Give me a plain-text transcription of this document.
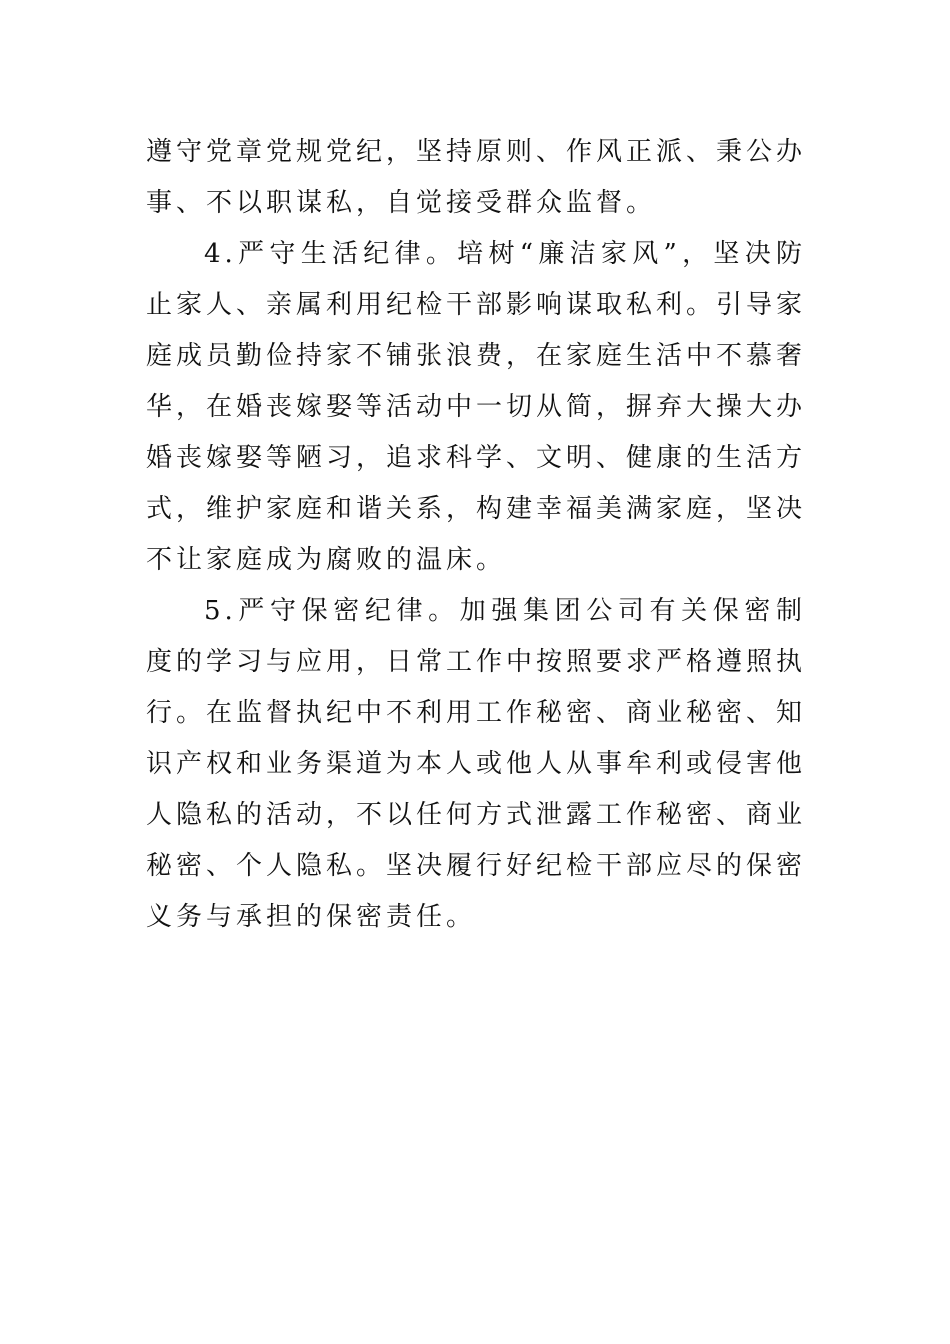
遵守党章党规党纪，坚持原则、作风正派、秉公办事、不以职谋私，自觉接受群众监督。

4.严守生活纪律。培树“廉洁家风”，坚决防止家人、亲属利用纪检干部影响谋取私利。引导家庭成员勤俭持家不铺张浪费，在家庭生活中不慕奢华，在婚丧嫁娶等活动中一切从简，摒弃大操大办婚丧嫁娶等陋习，追求科学、文明、健康的生活方式，维护家庭和谐关系，构建幸福美满家庭，坚决不让家庭成为腐败的温床。

5.严守保密纪律。加强集团公司有关保密制度的学习与应用，日常工作中按照要求严格遵照执行。在监督执纪中不利用工作秘密、商业秘密、知识产权和业务渠道为本人或他人从事牟利或侵害他人隐私的活动，不以任何方式泄露工作秘密、商业秘密、个人隐私。坚决履行好纪检干部应尽的保密义务与承担的保密责任。
